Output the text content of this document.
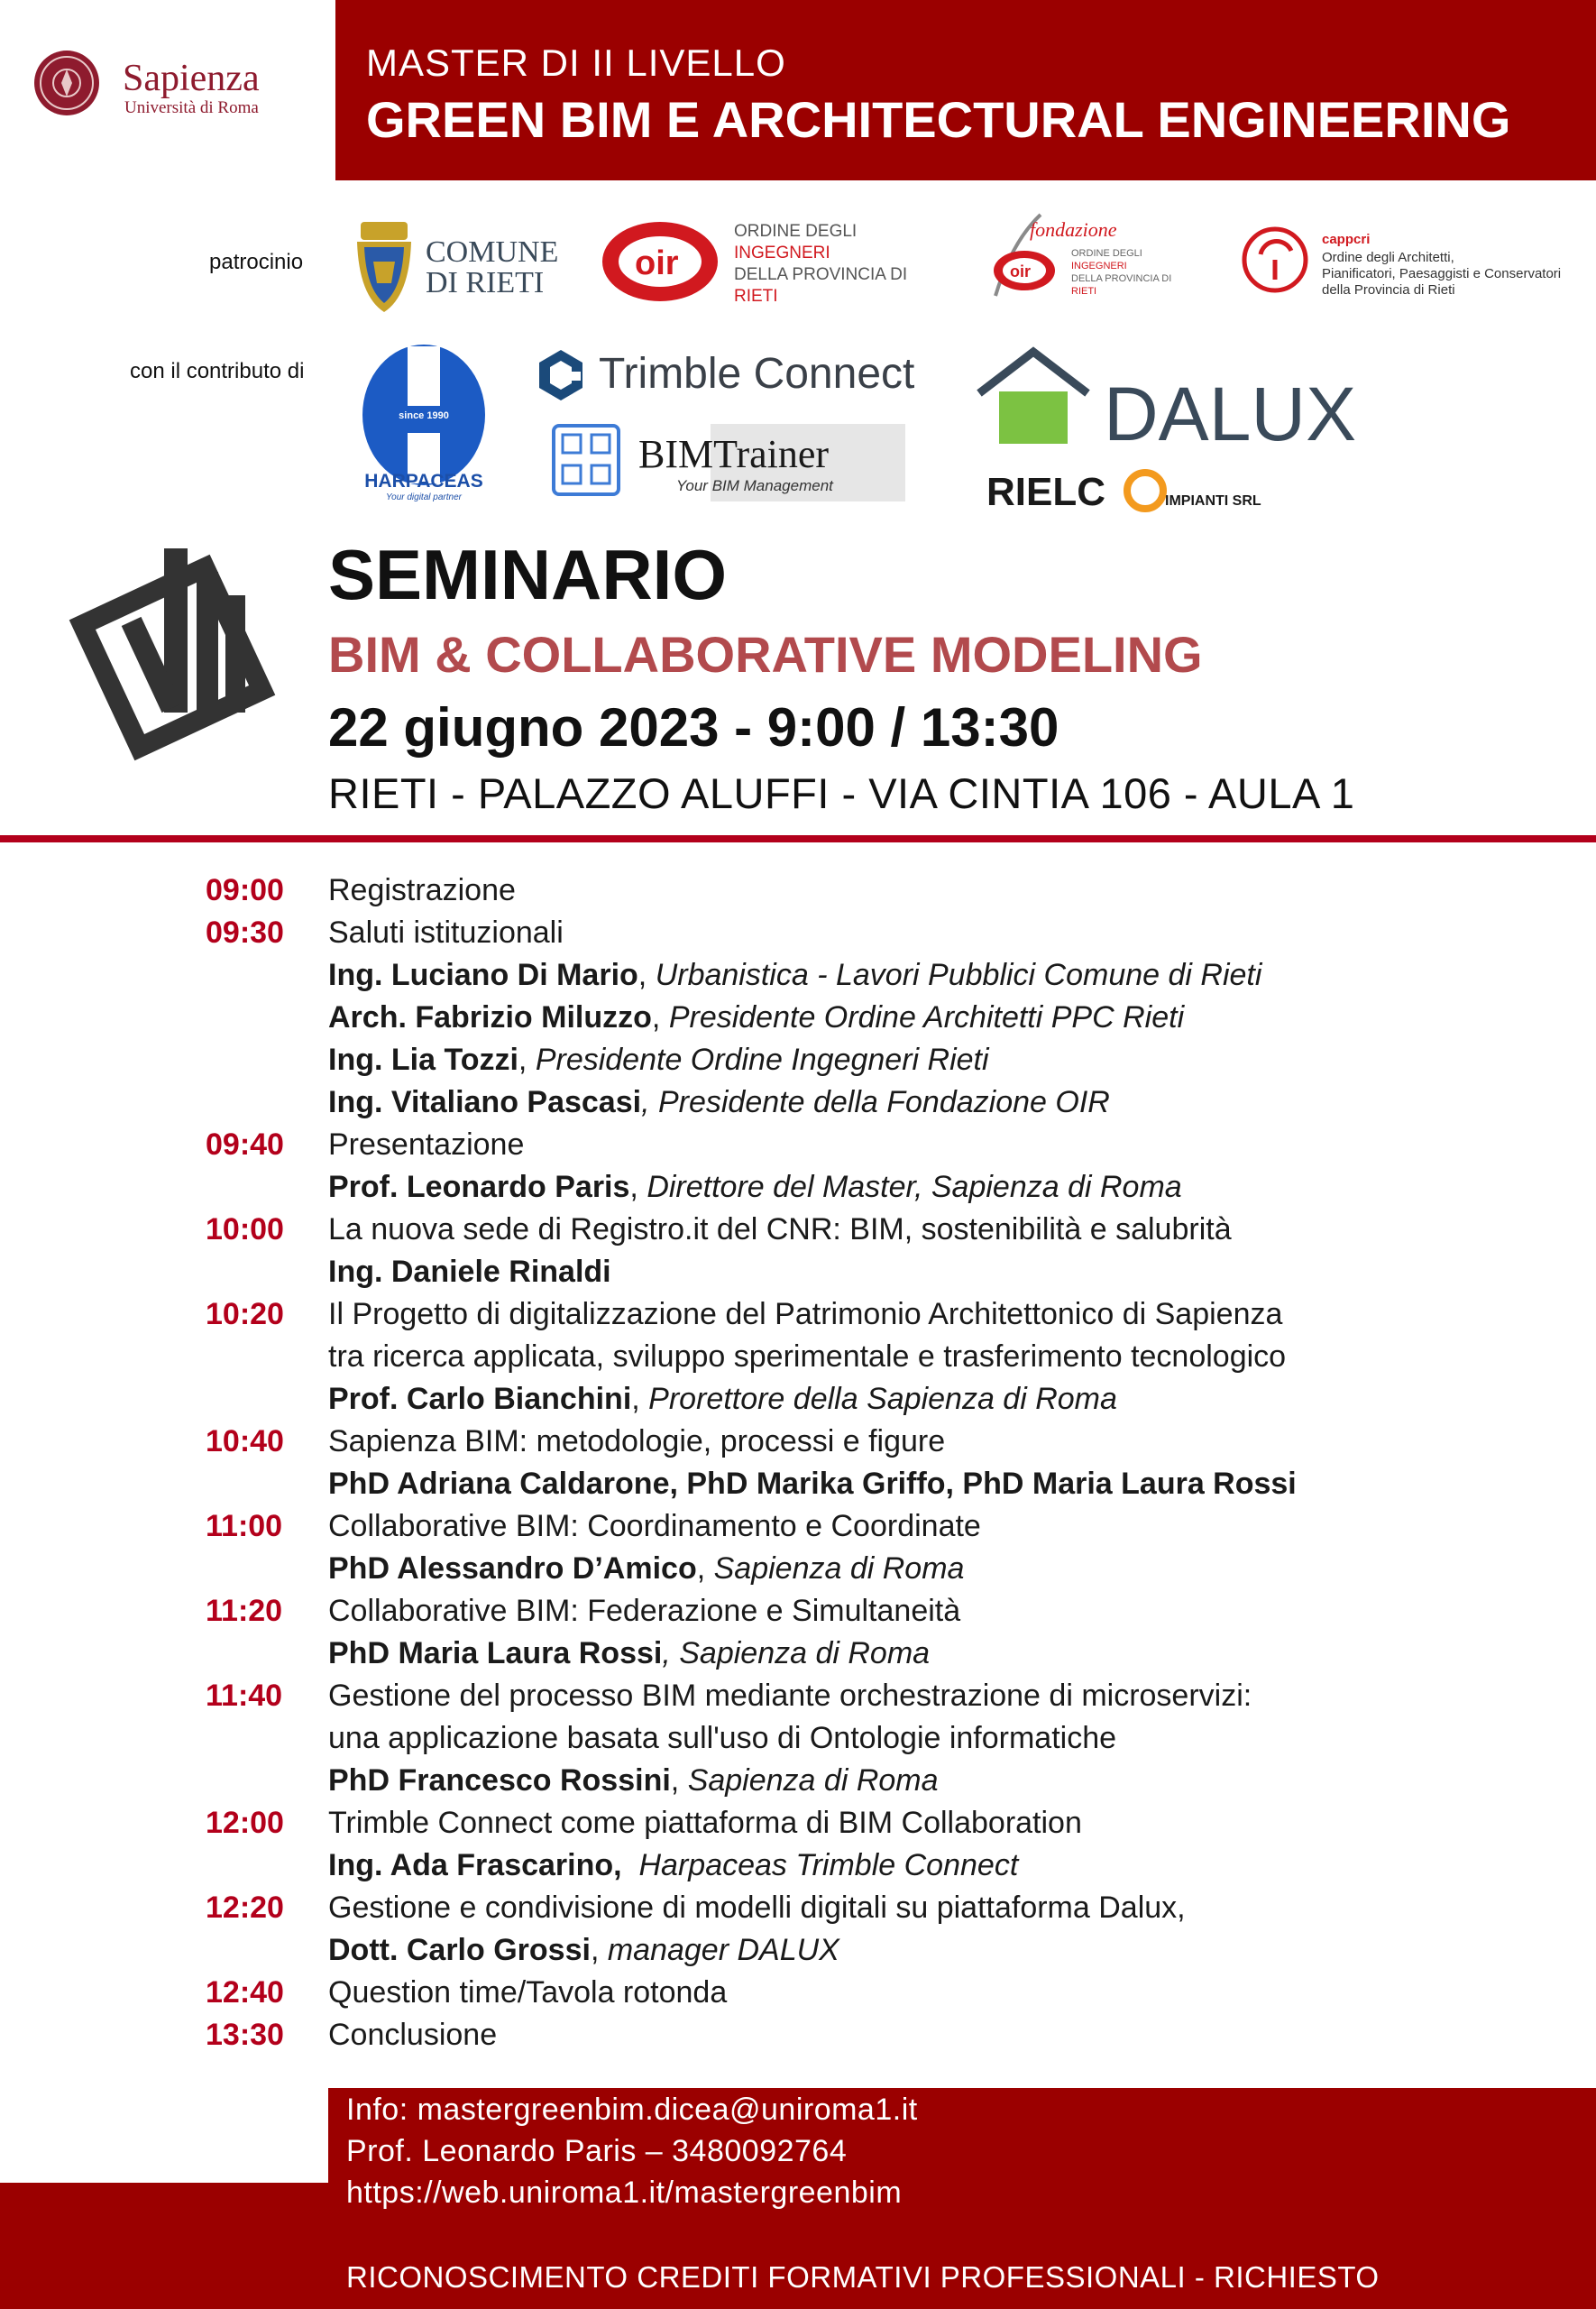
Sapienza
Università di Roma
MASTER DI II LIVELLO
GREEN BIM E ARCHITECTURAL ENGINEERING
patrocinio	COMUNE
DI RIETI
oir
ORDINE DEGLI
INGEGNERI
DELLA PROVINCIA DI
RIETI
fondazione
oir
ORDINE DEGLI
INGEGNERI
DELLA PROVINCIA DI
RIETI
cappcri
Ordine degli Architetti,
Pianificatori, Paesaggisti e Conservatori
della Provincia di Rieti
con il contributo di
since 1990
HARPACEAS
Your digital partner
Trimble Connect
BIMTrainer
Your BIM Management
DALUX
RIELC	IMPIANTI SRL
SEMINARIO
BIM & COLLABORATIVE MODELING
22 giugno 2023 - 9:00 / 13:30
RIETI - PALAZZO ALUFFI - VIA CINTIA 106 - AULA 1
09:00 Registrazione
09:30 Saluti istituzionali
Ing. Luciano Di Mario, Urbanistica - Lavori Pubblici Comune di Rieti
Arch. Fabrizio Miluzzo, Presidente Ordine Architetti PPC Rieti
Ing. Lia Tozzi, Presidente Ordine Ingegneri Rieti
Ing. Vitaliano Pascasi, Presidente della Fondazione OIR
09:40 Presentazione
Prof. Leonardo Paris, Direttore del Master, Sapienza di Roma
10:00 La nuova sede di Registro.it del CNR: BIM, sostenibilità e salubrità
Ing. Daniele Rinaldi
10:20 Il Progetto di digitalizzazione del Patrimonio Architettonico di Sapienza
tra ricerca applicata, sviluppo sperimentale e trasferimento tecnologico
Prof. Carlo Bianchini, Prorettore della Sapienza di Roma
10:40 Sapienza BIM: metodologie, processi e figure
PhD Adriana Caldarone, PhD Marika Griffo, PhD Maria Laura Rossi
11:00 Collaborative BIM: Coordinamento e Coordinate
PhD Alessandro D’Amico, Sapienza di Roma
11:20 Collaborative BIM: Federazione e Simultaneità
PhD Maria Laura Rossi, Sapienza di Roma
11:40 Gestione del processo BIM mediante orchestrazione di microservizi:
una applicazione basata sull'uso di Ontologie informatiche
PhD Francesco Rossini, Sapienza di Roma
12:00 Trimble Connect come piattaforma di BIM Collaboration
Ing. Ada Frascarino, Harpaceas Trimble Connect
12:20 Gestione e condivisione di modelli digitali su piattaforma Dalux,
Dott. Carlo Grossi, manager DALUX
12:40 Question time/Tavola rotonda
13:30 Conclusione
Info: mastergreenbim.dicea@uniroma1.it
Prof. Leonardo Paris – 3480092764
https://web.uniroma1.it/mastergreenbim
RICONOSCIMENTO CREDITI FORMATIVI PROFESSIONALI - RICHIESTO
